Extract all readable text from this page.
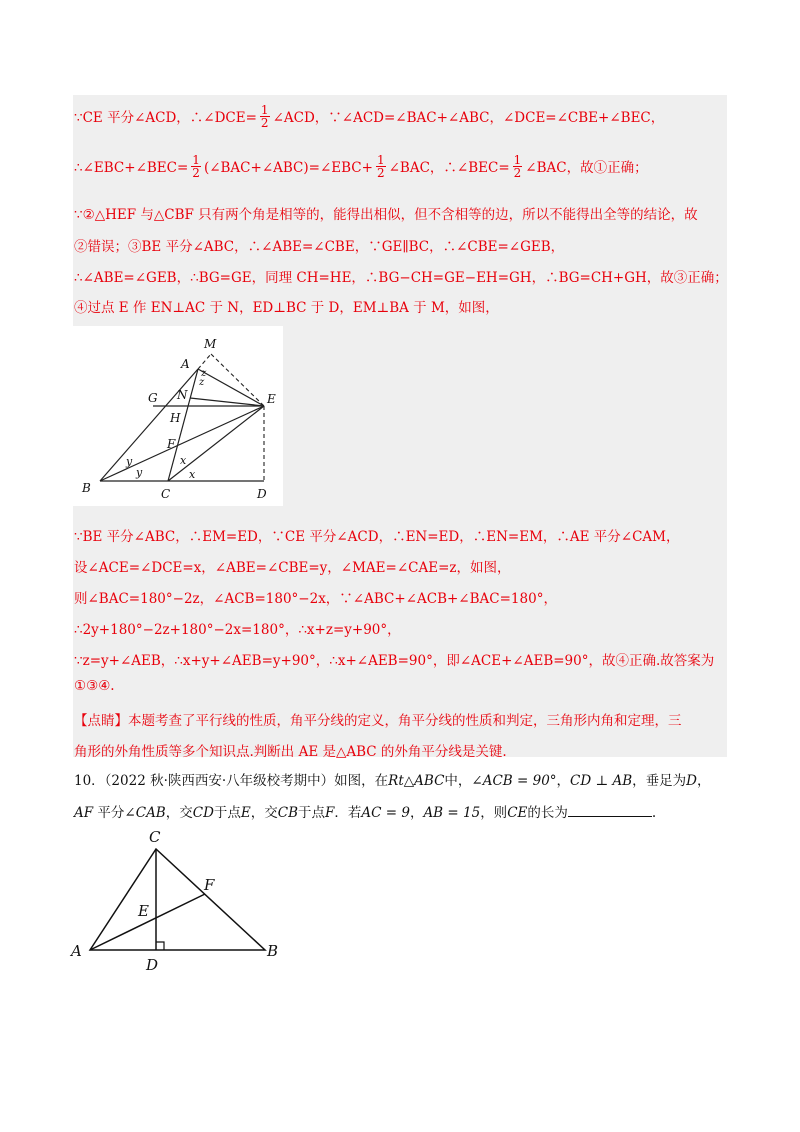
∵CE 平分∠ACD，∴∠DCE= $\frac{1}{2}$ ∠ACD，∵∠ACD=∠BAC+∠ABC，∠DCE=∠CBE+∠BEC，
∴∠EBC+∠BEC= $\frac{1}{2}$ (∠BAC+∠ABC)=∠EBC+ $\frac{1}{2}$ ∠BAC，∴∠BEC= $\frac{1}{2}$ ∠BAC，故①正确；
∵②△HEF 与△CBF 只有两个角是相等的，能得出相似，但不含相等的边，所以不能得出全等的结论，故
②错误；③BE 平分∠ABC，∴∠ABE=∠CBE，∵GE∥BC，∴∠CBE=∠GEB，
∴∠ABE=∠GEB，∴BG=GE，同理 CH=HE，∴BG−CH=GE−EH=GH，∴BG=CH+GH，故③正确；
④过点 E 作 EN⊥AC 于 N，ED⊥BC 于 D，EM⊥BA 于 M，如图，
M
A
z
z
N
G
H
E
F
x
x
y
y
B	C	D
∵BE 平分∠ABC，∴EM=ED，∵CE 平分∠ACD，∴EN=ED，∴EN=EM，∴AE 平分∠CAM，
设∠ACE=∠DCE=x，∠ABE=∠CBE=y，∠MAE=∠CAE=z，如图，
则∠BAC=180°−2z，∠ACB=180°−2x，∵∠ABC+∠ACB+∠BAC=180°，
∴2y+180°−2z+180°−2x=180°，∴x+z=y+90°，
∵z=y+∠AEB，∴x+y+∠AEB=y+90°，∴x+∠AEB=90°，即∠ACE+∠AEB=90°，故④正确.故答案为
①③④.
【点睛】本题考查了平行线的性质，角平分线的定义，角平分线的性质和判定，三角形内角和定理，三
角形的外角性质等多个知识点.判断出 AE 是△ABC 的外角平分线是关键.
10．（2022 秋·陕西西安·八年级校考期中）如图，在Rt△ABC中，∠ACB = 90°，CD ⊥ AB，垂足为D，
AF 平分∠CAB，交CD于点E，交CB于点F．若AC = 9，AB = 15，则CE的长为	.
C
F
E
A
D
B
